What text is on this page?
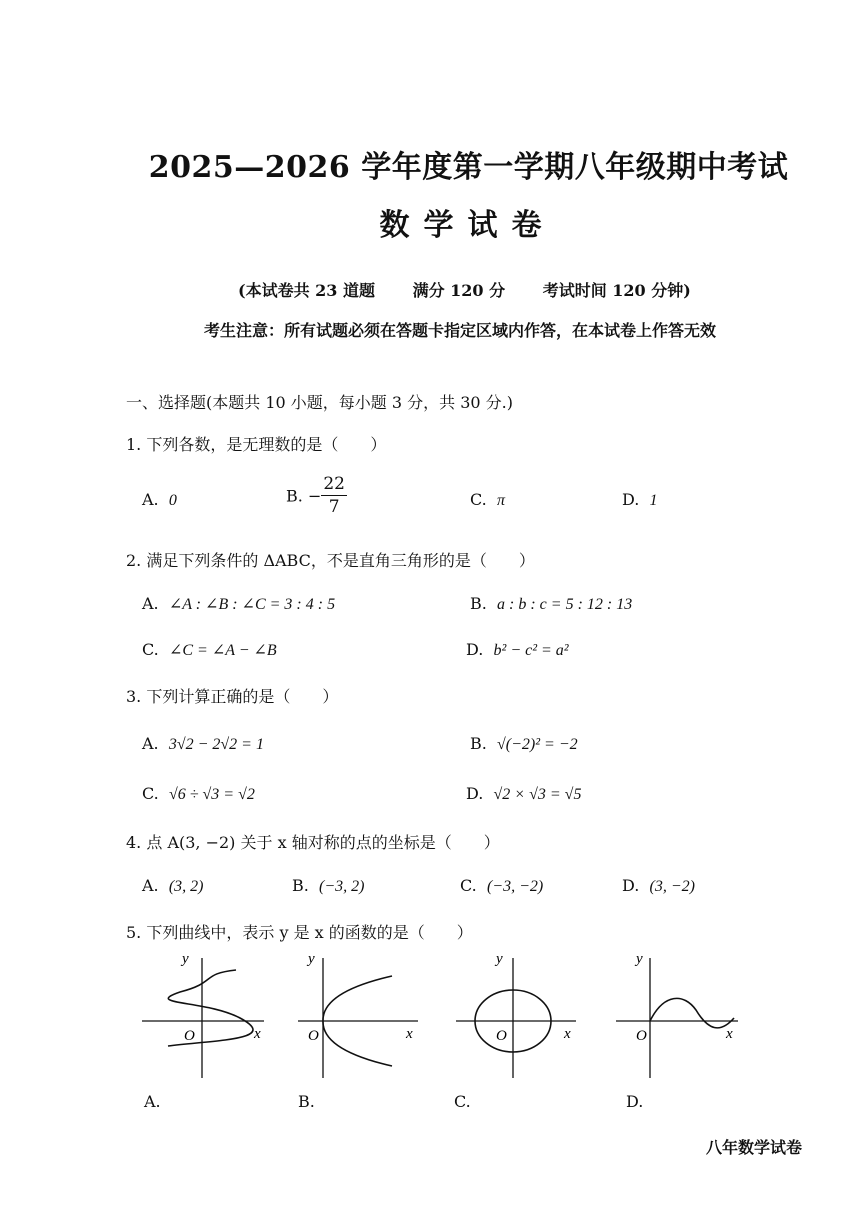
2025—2026 学年度第一学期八年级期中考试
数学试卷
(本试卷共 23 道题 满分 120 分 考试时间 120 分钟)
考生注意：所有试题必须在答题卡指定区域内作答，在本试卷上作答无效
一、选择题(本题共 10 小题，每小题 3 分，共 30 分.)
1. 下列各数，是无理数的是（　　）
A. 0	B. − $\frac{22}{7}$	C. π	D. 1
2. 满足下列条件的 ΔABC，不是直角三角形的是（　　）
A. ∠A : ∠B : ∠C = 3 : 4 : 5	B. a : b : c = 5 : 12 : 13
C. ∠C = ∠A − ∠B	D. b² − c² = a²
3. 下列计算正确的是（　　）
A. 3√2 − 2√2 = 1	B. √(−2)² = −2
C. √6 ÷ √3 = √2	D. √2 × √3 = √5
4. 点 A(3, −2) 关于 x 轴对称的点的坐标是（　　）
A. (3, 2)	B. (−3, 2)	C. (−3, −2)	D. (3, −2)
5. 下列曲线中，表示 y 是 x 的函数的是（　　）
y
x
O
y
x
O
y
x
O
y
x
O
A.	B.	C.	D.
八年数学试卷
